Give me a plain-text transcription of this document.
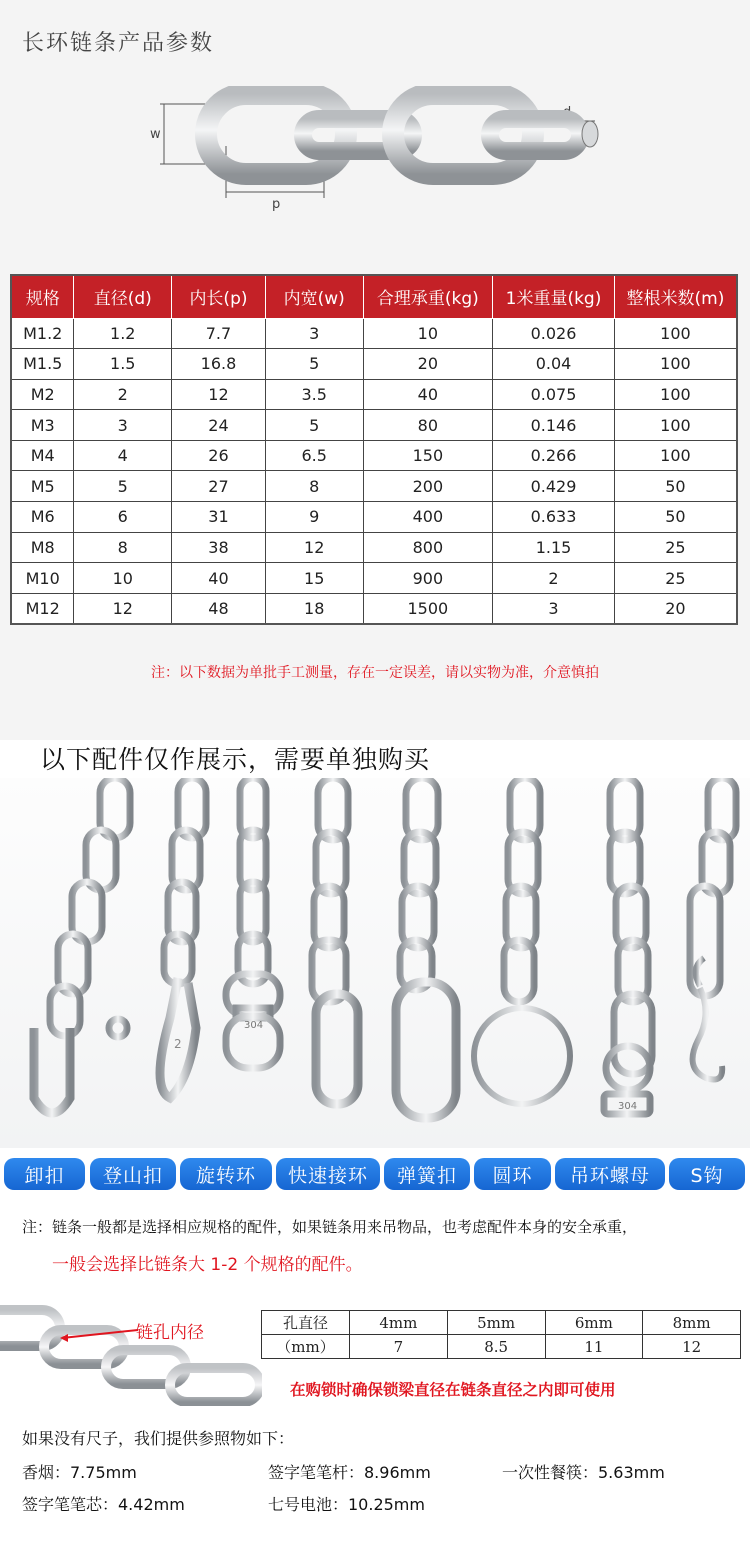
长环链条产品参数
w
p
d
规格	直径(d)	内长(p)	内宽(w)	合理承重(kg)	1米重量(kg)	整根米数(m)
M1.2	1.2	7.7	3	10	0.026	100
M1.5	1.5	16.8	5	20	0.04	100
M2	2	12	3.5	40	0.075	100
M3	3	24	5	80	0.146	100
M4	4	26	6.5	150	0.266	100
M5	5	27	8	200	0.429	50
M6	6	31	9	400	0.633	50
M8	8	38	12	800	1.15	25
M10	10	40	15	900	2	25
M12	12	48	18	1500	3	20
注：以下数据为单批手工测量，存在一定误差，请以实物为准，介意慎拍
以下配件仅作展示，需要单独购买
2
304
304
卸扣	登山扣	旋转环	快速接环	弹簧扣	圆环	吊环螺母	S钩
注：链条一般都是选择相应规格的配件，如果链条用来吊物品，也考虑配件本身的安全承重，
一般会选择比链条大 1-2 个规格的配件。
链孔内径	孔直径	4mm	5mm	6mm	8mm
（mm）	7	8.5	11	12
在购锁时确保锁梁直径在链条直径之内即可使用
如果没有尺子，我们提供参照物如下：
香烟：7.75mm	签字笔笔杆：8.96mm	一次性餐筷：5.63mm
签字笔笔芯：4.42mm	七号电池：10.25mm
